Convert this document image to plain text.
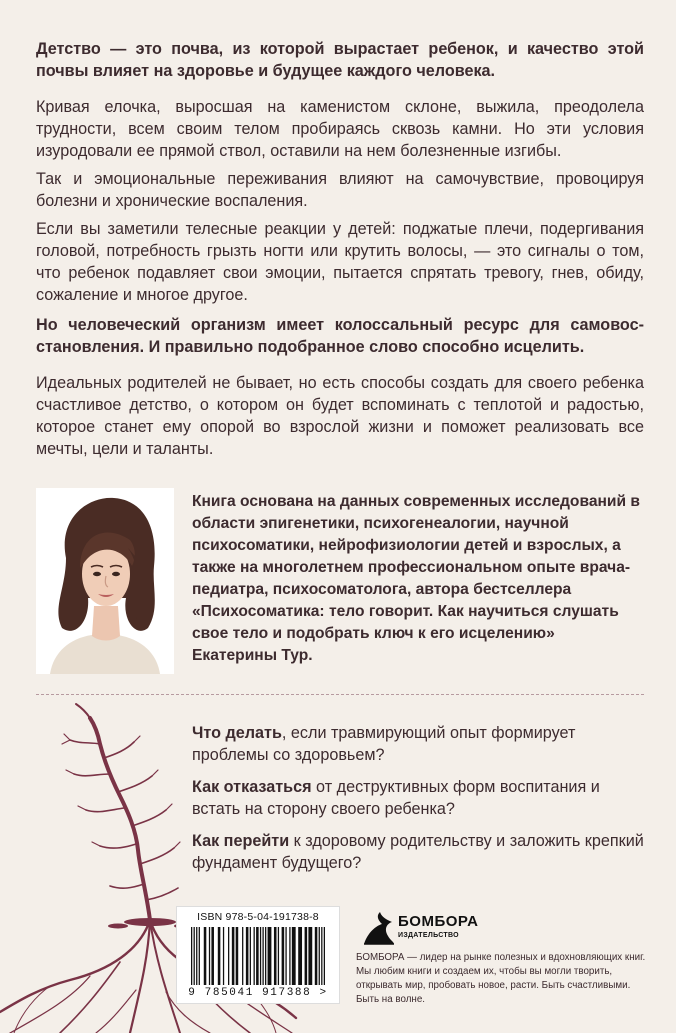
Детство — это почва, из которой вырастает ребенок, и качество этой почвы влияет на здоровье и будущее каждого человека.

Кривая елочка, выросшая на каменистом склоне, выжила, преодолела трудности, всем своим телом пробираясь сквозь камни. Но эти условия изуродовали ее прямой ствол, оставили на нем болезненные изгибы.

Так и эмоциональные переживания влияют на самочувствие, провоцируя болезни и хронические воспаления.

Если вы заметили телесные реакции у детей: поджатые плечи, подергивания головой, потребность грызть ногти или крутить волосы, — это сигналы о том, что ребенок подавляет свои эмоции, пытается спрятать тревогу, гнев, обиду, сожаление и многое другое.

Но человеческий организм имеет колоссальный ресурс для самовосстановления. И правильно подобранное слово способно исцелить.

Идеальных родителей не бывает, но есть способы создать для своего ребенка счастливое детство, о котором он будет вспоминать с теплотой и радостью, которое станет ему опорой во взрослой жизни и поможет реализовать все мечты, цели и таланты.

Книга основана на данных современных исследований в области эпигенетики, психогенеалогии, научной психосоматики, нейрофизиологии детей и взрослых, а также на многолетнем профессиональном опыте врача-педиатра, психосоматолога, автора бестселлера «Психосоматика: тело говорит. Как научиться слушать свое тело и подобрать ключ к его исцелению» Екатерины Тур.

Что делать, если травмирующий опыт формирует проблемы со здоровьем?

Как отказаться от деструктивных форм воспитания и встать на сторону своего ребенка?

Как перейти к здоровому родительству и заложить крепкий фундамент будущего?

ISBN 978-5-04-191738-8
9 785041 917388 >
БОМБОРА
ИЗДАТЕЛЬСТВО

БОМБОРА — лидер на рынке полезных и вдохновляющих книг. Мы любим книги и создаем их, чтобы вы могли творить, открывать мир, пробовать новое, расти. Быть счастливыми. Быть на волне.
